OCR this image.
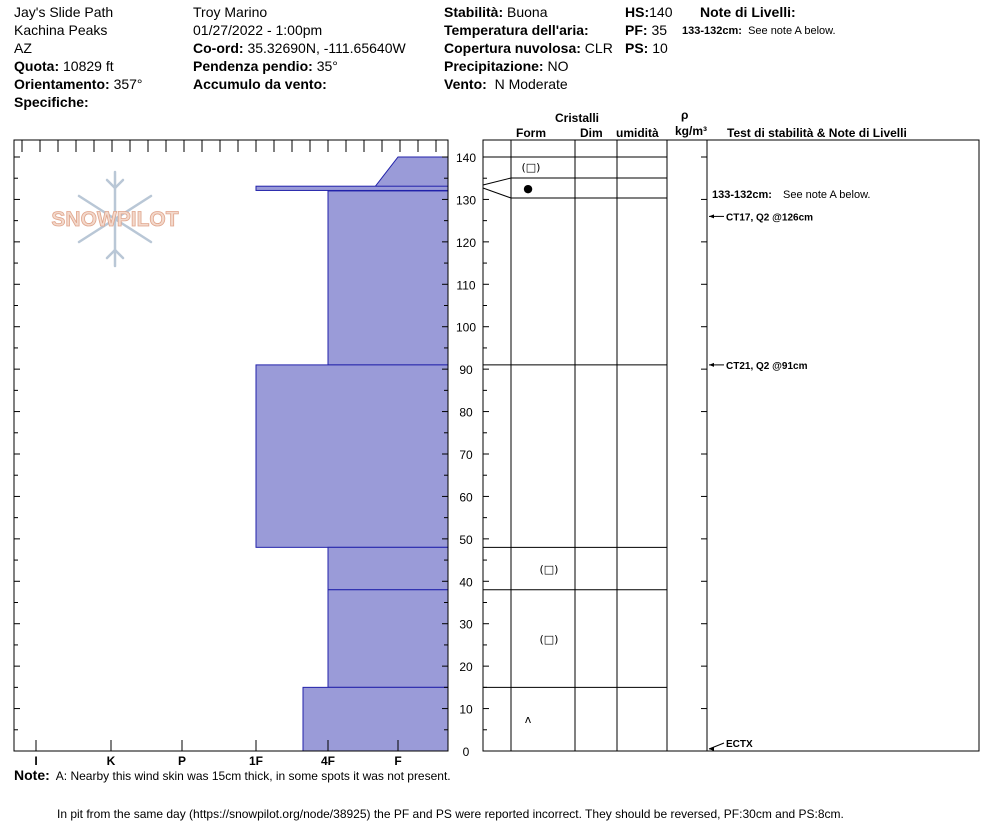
Jay's Slide Path
Kachina Peaks
AZ
Quota: 10829 ft
Orientamento: 357°
Specifiche:
Troy Marino
01/27/2022 - 1:00pm
Co-ord: 35.32690N, -111.65640W
Pendenza pendio: 35°
Accumulo da vento:
Stabilità: Buona
Temperatura dell'aria:
Copertura nuvolosa: CLR
Precipitazione: NO
Vento: N Moderate
HS:140
PF: 35
PS: 10
Note di Livelli:
133-132cm: See note A below.
Cristalli
Form	Dim umidità
ρ
kg/m³ Test di stabilità & Note di Livelli
SNOWPILOT
0
10
20
30
40
50
60
70
80
90
100
110
120
130
140
I	K	P	1F	4F	F
(□)
●
(□)
(□)
ᴧ
CT17, Q2 @126cm
CT21, Q2 @91cm
ECTX
133-132cm: See note A below.
Note: A: Nearby this wind skin was 15cm thick, in some spots it was not present.
In pit from the same day (https://snowpilot.org/node/38925) the PF and PS were reported incorrect. They should be reversed, PF:30cm and PS:8cm.
